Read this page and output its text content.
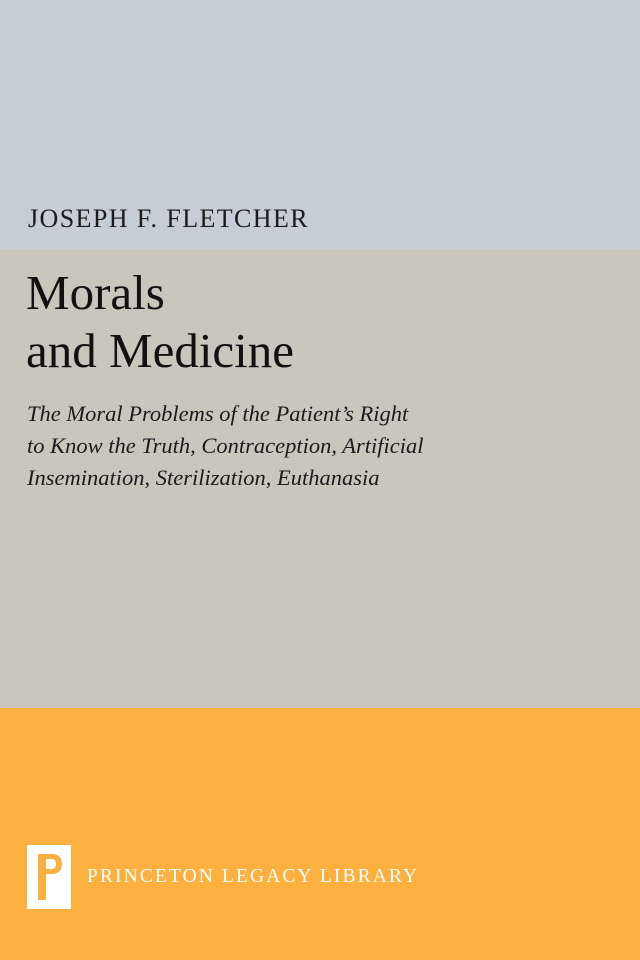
JOSEPH F. FLETCHER
Morals
and Medicine
The Moral Problems of the Patient’s Right
to Know the Truth, Contraception, Artificial
Insemination, Sterilization, Euthanasia
PRINCETON LEGACY LIBRARY
